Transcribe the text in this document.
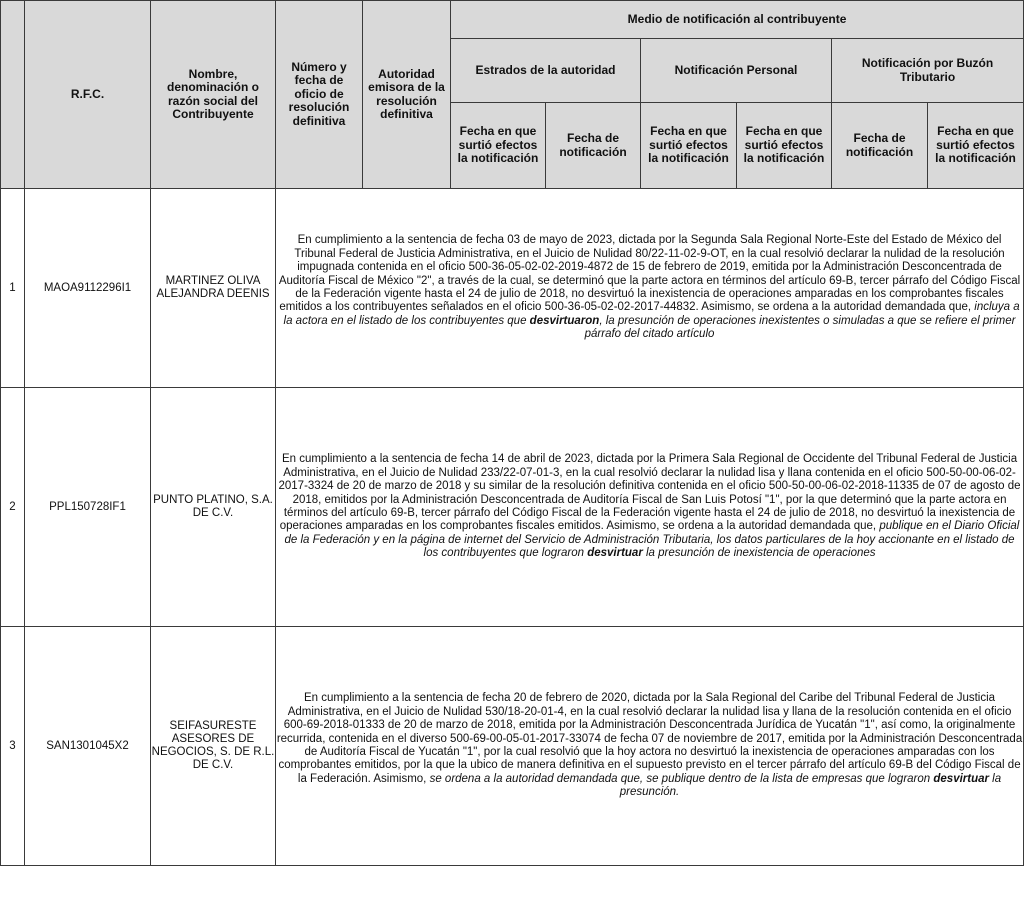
	R.F.C.	Nombre, denominación o razón social del Contribuyente	Número y fecha de oficio de resolución definitiva	Autoridad emisora de la resolución definitiva	Medio de notificación al contribuyente					
					Estrados de la autoridad		Notificación Personal		Notificación por Buzón Tributario	
					Fecha en que surtió efectos la notificación	Fecha de notificación	Fecha en que surtió efectos la notificación	Fecha en que surtió efectos la notificación	Fecha de notificación	Fecha en que surtió efectos la notificación
1	MAOA9112296I1	MARTINEZ OLIVA ALEJANDRA DEENIS	En cumplimiento a la sentencia de fecha 03 de mayo de 2023, dictada por la Segunda Sala Regional Norte-Este del Estado de México del Tribunal Federal de Justicia Administrativa, en el Juicio de Nulidad 80/22-11-02-9-OT, en la cual resolvió declarar la nulidad de la resolución impugnada contenida en el oficio 500-36-05-02-02-2019-4872 de 15 de febrero de 2019, emitida por la Administración Desconcentrada de Auditoría Fiscal de México "2", a través de la cual, se determinó que la parte actora en términos del artículo 69-B, tercer párrafo del Código Fiscal de la Federación vigente hasta el 24 de julio de 2018, no desvirtuó la inexistencia de operaciones amparadas en los comprobantes fiscales emitidos a los contribuyentes señalados en el oficio 500-36-05-02-02-2017-44832. Asimismo, se ordena a la autoridad demandada que, incluya a la actora en el listado de los contribuyentes que desvirtuaron, la presunción de operaciones inexistentes o simuladas a que se refiere el primer párrafo del citado artículo							
2	PPL150728IF1	PUNTO PLATINO, S.A. DE C.V.	En cumplimiento a la sentencia de fecha 14 de abril de 2023, dictada por la Primera Sala Regional de Occidente del Tribunal Federal de Justicia Administrativa, en el Juicio de Nulidad 233/22-07-01-3, en la cual resolvió declarar la nulidad lisa y llana contenida en el oficio 500-50-00-06-02- 2017-3324 de 20 de marzo de 2018 y su similar de la resolución definitiva contenida en el oficio 500-50-00-06-02-2018-11335 de 07 de agosto de 2018, emitidos por la Administración Desconcentrada de Auditoría Fiscal de San Luis Potosí "1", por la que determinó que la parte actora en términos del artículo 69-B, tercer párrafo del Código Fiscal de la Federación vigente hasta el 24 de julio de 2018, no desvirtuó la inexistencia de operaciones amparadas en los comprobantes fiscales emitidos. Asimismo, se ordena a la autoridad demandada que, publique en el Diario Oficial de la Federación y en la página de internet del Servicio de Administración Tributaria, los datos particulares de la hoy accionante en el listado de los contribuyentes que lograron desvirtuar la presunción de inexistencia de operaciones							
3	SAN1301045X2	SEIFASURESTE ASESORES DE NEGOCIOS, S. DE R.L. DE C.V.	En cumplimiento a la sentencia de fecha 20 de febrero de 2020, dictada por la Sala Regional del Caribe del Tribunal Federal de Justicia Administrativa, en el Juicio de Nulidad 530/18-20-01-4, en la cual resolvió declarar la nulidad lisa y llana de la resolución contenida en el oficio 600-69-2018-01333 de 20 de marzo de 2018, emitida por la Administración Desconcentrada Jurídica de Yucatán "1", así como, la originalmente recurrida, contenida en el diverso 500-69-00-05-01-2017-33074 de fecha 07 de noviembre de 2017, emitida por la Administración Desconcentrada de Auditoría Fiscal de Yucatán "1", por la cual resolvió que la hoy actora no desvirtuó la inexistencia de operaciones amparadas con los comprobantes emitidos, por la que la ubico de manera definitiva en el supuesto previsto en el tercer párrafo del artículo 69-B del Código Fiscal de la Federación. Asimismo, se ordena a la autoridad demandada que, se publique dentro de la lista de empresas que lograron desvirtuar la presunción.							
